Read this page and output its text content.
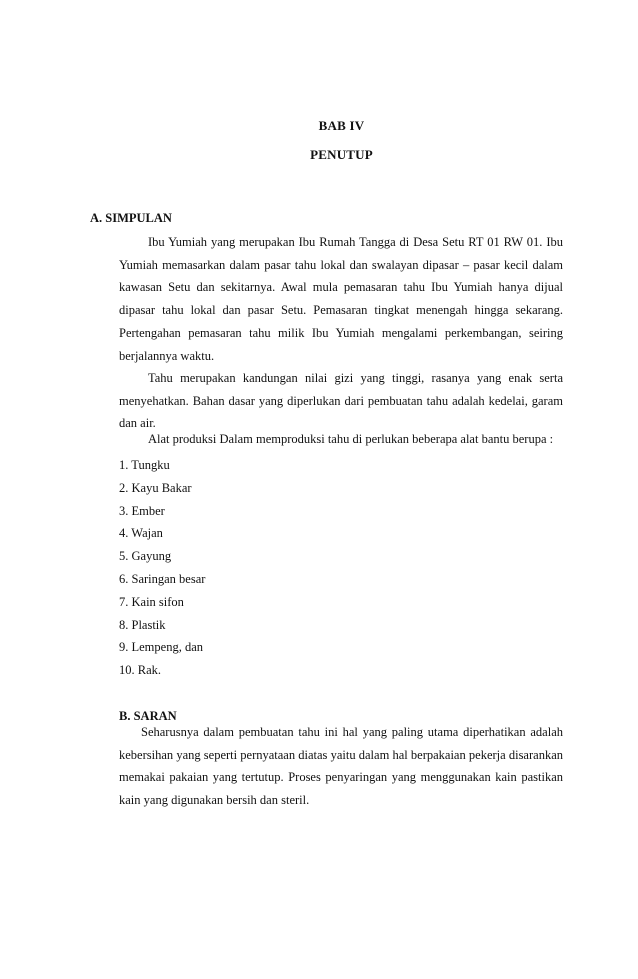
BAB IV
PENUTUP
A. SIMPULAN

Ibu Yumiah yang merupakan Ibu Rumah Tangga di Desa Setu RT 01 RW 01. Ibu Yumiah memasarkan dalam pasar tahu lokal dan swalayan dipasar – pasar kecil dalam kawasan Setu dan sekitarnya. Awal mula pemasaran tahu Ibu Yumiah hanya dijual dipasar tahu lokal dan pasar Setu. Pemasaran tingkat menengah hingga sekarang. Pertengahan pemasaran tahu milik Ibu Yumiah mengalami perkembangan, seiring berjalannya waktu.

Tahu merupakan kandungan nilai gizi yang tinggi, rasanya yang enak serta menyehatkan. Bahan dasar yang diperlukan dari pembuatan tahu adalah kedelai, garam dan air.

Alat produksi Dalam memproduksi tahu di perlukan beberapa alat bantu berupa :

1. Tungku
2. Kayu Bakar
3. Ember
4. Wajan
5. Gayung
6. Saringan besar
7. Kain sifon
8. Plastik
9. Lempeng, dan
10. Rak.
B. SARAN

Seharusnya dalam pembuatan tahu ini hal yang paling utama diperhatikan adalah kebersihan yang seperti pernyataan diatas yaitu dalam hal berpakaian pekerja disarankan memakai pakaian yang tertutup. Proses penyaringan yang menggunakan kain pastikan kain yang digunakan bersih dan steril.
